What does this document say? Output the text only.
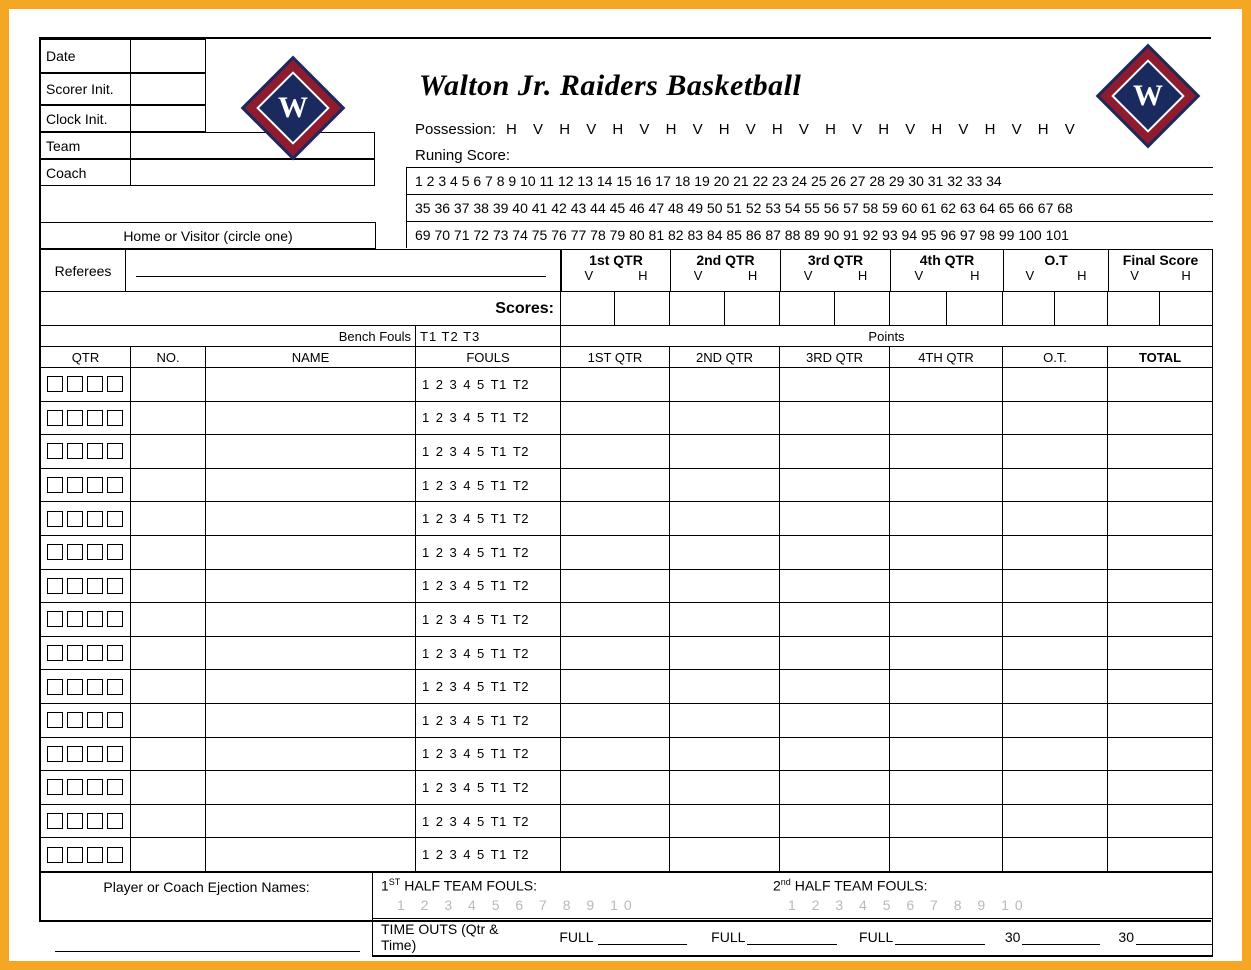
Date
Scorer Init.
Clock Init.
Team
Coach
Home or Visitor (circle one)
W	W
Walton Jr. Raiders Basketball
Possession: H V H V H V H V H V H V H V H V H V H V H V
Runing Score:
1 2 3 4 5 6 7 8 9 10 11 12 13 14 15 16 17 18 19 20 21 22 23 24 25 26 27 28 29 30 31 32 33 34
35 36 37 38 39 40 41 42 43 44 45 46 47 48 49 50 51 52 53 54 55 56 57 58 59 60 61 62 63 64 65 66 67 68
69 70 71 72 73 74 75 76 77 78 79 80 81 82 83 84 85 86 87 88 89 90 91 92 93 94 95 96 97 98 99 100 101
Referees
1st QTR
V	H
2nd QTR
V	H
3rd QTR
V	H
4th QTR
V	H
O.T
V	H
Final Score
V	H
Scores:
Bench Fouls T1 T2 T3	Points
QTR	NO.	NAME	FOULS	1ST QTR	2ND QTR	3RD QTR	4TH QTR	O.T.	TOTAL
1 2 3 4 5 T1 T2
1 2 3 4 5 T1 T2
1 2 3 4 5 T1 T2
1 2 3 4 5 T1 T2
1 2 3 4 5 T1 T2
1 2 3 4 5 T1 T2
1 2 3 4 5 T1 T2
1 2 3 4 5 T1 T2
1 2 3 4 5 T1 T2
1 2 3 4 5 T1 T2
1 2 3 4 5 T1 T2
1 2 3 4 5 T1 T2
1 2 3 4 5 T1 T2
1 2 3 4 5 T1 T2
1 2 3 4 5 T1 T2
Player or Coach Ejection Names:	1ST HALF TEAM FOULS:
1 2 3 4 5 6 7 8 9 10
2nd HALF TEAM FOULS:
1 2 3 4 5 6 7 8 9 10
TIME OUTS (Qtr & Time)	FULL	FULL	FULL	30	30
